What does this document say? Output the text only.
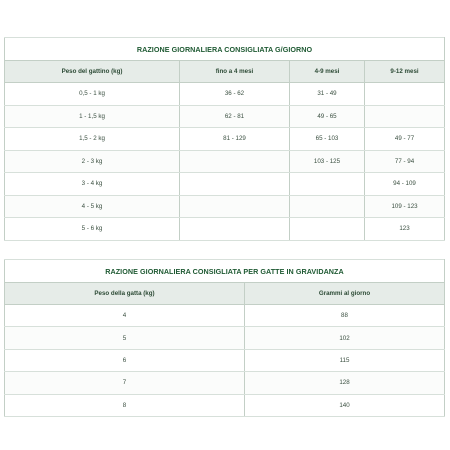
RAZIONE GIORNALIERA CONSIGLIATA G/GIORNO			
Peso del gattino (kg)	fino a 4 mesi	4-9 mesi	9-12 mesi
0,5 - 1 kg	36 - 62	31 - 49	
1 - 1,5 kg	62 - 81	49 - 65	
1,5 - 2 kg	81 - 129	65 - 103	49 - 77
2 - 3 kg		103 - 125	77 - 94
3 - 4 kg			94 - 109
4 - 5 kg			109 - 123
5 - 6 kg			123
RAZIONE GIORNALIERA CONSIGLIATA PER GATTE IN GRAVIDANZA	
Peso della gatta (kg)	Grammi al giorno
4	88
5	102
6	115
7	128
8	140
